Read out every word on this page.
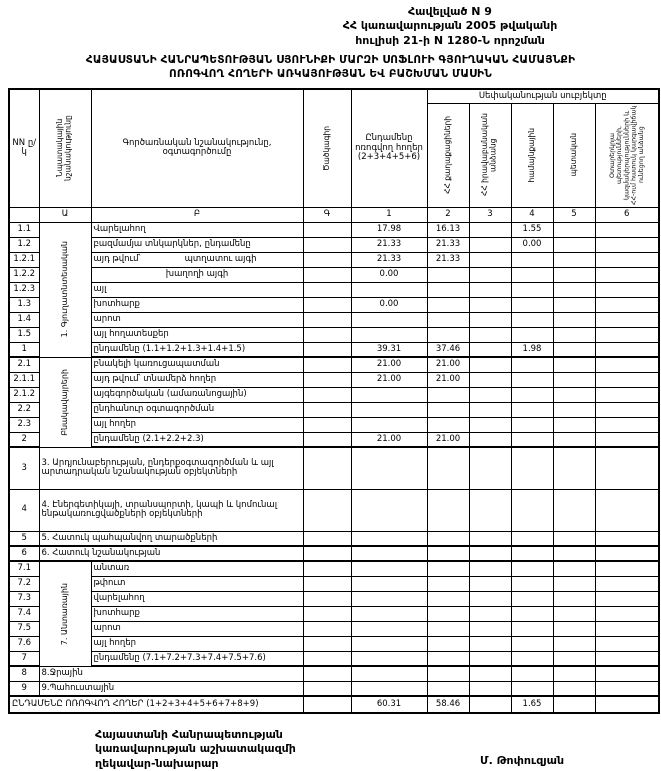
Հավելված N 9
ՀՀ կառավարության 2005 թվականի
հուլիսի 21-ի N 1280-Ն որոշման
ՀԱՅԱՍՏԱՆԻ ՀԱՆՐԱՊԵՏՈՒԹՅԱՆ ՍՅՈՒՆԻՔԻ ՄԱՐԶԻ ՍՈՖԼՈՒԻ ԳՅՈՒՂԱԿԱՆ ՀԱՄԱՅՆՔԻ
ՈՌՈԳՎՈՂ ՀՈՂԵՐԻ ԱՌԿԱՅՈՒԹՅԱՆ ԵՎ ԲԱՇԽՄԱՆ ՄԱՍԻՆ
NN ը/կ	Նպատակային նշանակությունը	Գործառնական նշանակությունը, օգտագործումը	Ծածկագիր	Ընդամենը ոռոգվող հողեր (2+3+4+5+6)	Սեփականության սուբյեկտը				

					ՀՀ քաղաքացիների	ՀՀ իրավաբանական անձանց	համայնքային	պետական	Օտարերկրյա պետությունների, կազմակերպությունների և ՀՀ-ում հատուկ կարգավիճակ ունեցող անձանց

	Ա	Բ	Գ	1	2	3	4	5	6
1.1	1. Գյուղատնտեսական	Վարելահող		17.98	16.13		1.55		
1.2		բազմամյա տնկարկներ, ընդամենը		21.33	21.33		0.00		
1.2.1		այդ թվում՝ պտղատու այգի		21.33	21.33				
1.2.2		խաղողի այգի		0.00					
1.2.3		այլ							
1.3		խոտհարք		0.00					
1.4		արոտ							
1.5		այլ հողատեսքեր							
1		ընդամենը (1.1+1.2+1.3+1.4+1.5)		39.31	37.46		1.98		
2.1	Բնակավայրերի	բնակելի կառուցապատման		21.00	21.00				
2.1.1		այդ թվում՝ տնամերձ հողեր		21.00	21.00				
2.1.2		այգեգործական (ամառանոցային)							
2.2		ընդհանուր օգտագործման							
2.3		այլ հողեր							
2		ընդամենը (2.1+2.2+2.3)		21.00	21.00				
3	3. Արդյունաբերության, ընդերքօգտագործման և այլ արտադրական նշանակության օբյեկտների								
4	4. Էներգետիկայի, տրանսպորտի, կապի և կոմունալ ենթակառուցվածքների օբյեկտների								
5	5. Հատուկ պահպանվող տարածքների								
6	6. Հատուկ նշանակության								
7.1	7. Անտառային	անտառ							
7.2		թփուտ							
7.3		վարելահող							
7.4		խոտհարք							
7.5		արոտ							
7.6		այլ հողեր							
7		ընդամենը (7.1+7.2+7.3+7.4+7.5+7.6)							
8	8.Ջրային								
9	9.Պահուստային								
ԸՆԴԱՄԵՆԸ ՈՌՈԳՎՈՂ ՀՈՂԵՐ (1+2+3+4+5+6+7+8+9)				60.31	58.46		1.65		
Հայաստանի Հանրապետության
կառավարության աշխատակազմի
ղեկավար-նախարար	Մ. Թոփուզյան
